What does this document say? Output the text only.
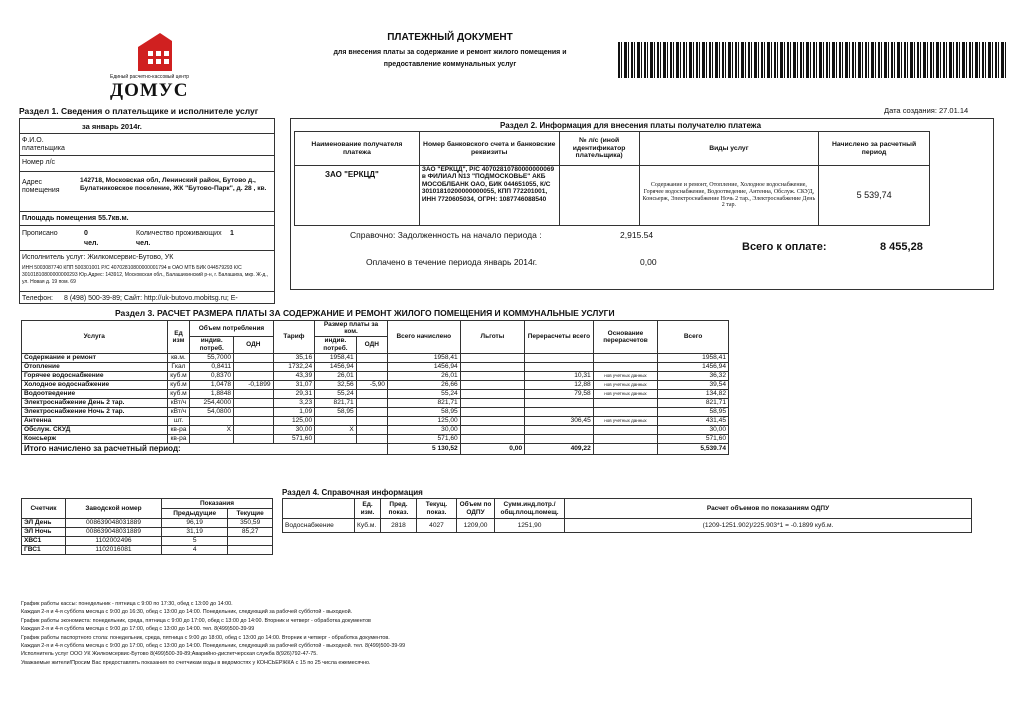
Единый расчетно-кассовый центр
ДОМУС
ПЛАТЕЖНЫЙ ДОКУМЕНТ
для внесения платы за содержание и ремонт жилого помещения и
предоставление коммунальных услуг
Дата создания: 27.01.14
Раздел 1. Сведения о плательщике и исполнителе услуг
за январь 2014г.
Ф.И.О. плательщика
Номер л/с
Адрес помещения
142718, Московская обл, Ленинский район, Бутово д., Булатниковское поселение, ЖК "Бутово-Парк", д. 28 , кв.
Площадь помещения 55.7кв.м.
Прописано	0
чел.
Количество проживающих 1
чел.
Исполнитель услуг: Жилкомсервис-Бутово, УК
ИНН 5003087740 КПП 500301001 Р/С 40702810800000001794 в ОАО МТБ БИК 044579293 К/С 30101810800000000293 Юр.Адрес: 143912, Московская обл., Балашихинский р-н, г. Балашиха, мкр. Ж-д., ул. Новая д. 19 пом. 69
Телефон: 8 (498) 500-39-89; Сайт: http://uk-butovo.mobitsg.ru; E-
Раздел 2. Информация для внесения платы получателю платежа
Наименование получателя платежа	Номер банковского счета и банковские реквизиты	№ л/с (иной идентификатор плательщика)	Виды услуг	Начислено за расчетный период
ЗАО "ЕРКЦД"	ЗАО "ЕРКЦД", Р/С 40702810780000000069 в ФИЛИАЛ N13 "ПОДМОСКОВЬЕ" АКБ МОСОБЛБАНК ОАО, БИК 044651055, К/С 30101810200000000055, КПП 772201001, ИНН 7720605034, ОГРН: 1087746088540		Содержание и ремонт, Отопление, Холодное водоснабжение, Горячее водоснабжение, Водоотведение, Антенна, Обслуж. СКУД, Консьерж, Электроснабжение Ночь 2 тар., Электроснабжение День 2 тар.	5 539,74
Справочно: Задолженность на начало периода :	2,915.54
Оплачено в течение периода январь 2014г.	0,00
Всего к оплате:	8 455,28
Раздел 3. РАСЧЕТ РАЗМЕРА ПЛАТЫ ЗА СОДЕРЖАНИЕ И РЕМОНТ ЖИЛОГО ПОМЕЩЕНИЯ И КОММУНАЛЬНЫЕ УСЛУГИ
Услуга	Ед изм	Объем потребления		Тариф	Размер платы за ком.		Всего начислено	Льготы	Перерасчеты всего	Основание перерасчетов	Всего
		индив. потреб.	ОДН		индив. потреб.	ОДН					
Содержание и ремонт	кв.м.	55,7000		35,16	1958,41		1958,41				1958,41
Отопление	Гкал	0,8411		1732,24	1456,94		1456,94				1456,94
Горячее водоснабжение	куб.м	0,8370		43,39	26,01		26,01		10,31	нов учетных данных	36,32
Холодное водоснабжение	куб.м	1,0478	-0,1899	31,07	32,56	-5,90	26,66		12,88	нов учетных данных	39,54
Водоотведение	куб.м	1,8848		29,31	55,24		55,24		79,58	нов учетных данных	134,82
Электроснабжение День 2 тар.	кВт/ч	254,4000		3,23	821,71		821,71				821,71
Электроснабжение Ночь 2 тар.	кВт/ч	54,0800		1,09	58,95		58,95				58,95
Антенна	шт.			125,00			125,00		306,45	нов учетных данных	431,45
Обслуж. СКУД	кв-ра	X		30,00	X		30,00				30,00
Консьерж	кв-ра			571,60			571,60				571,60
Итого начислено за расчетный период:							5 130,52	0,00	409,22		5,539.74
Счетчик	Заводской номер	Показания	
		Предыдущие	Текущие
ЭЛ День	008639048031889	96,19	350,59
ЭЛ Ночь	008639048031889	31,19	85,27
ХВС1	1102002496	5	
ГВС1	1102016081	4	
Раздел 4. Справочная информация
	Ед. изм.	Пред. показ.	Текущ. показ.	Объем по ОДПУ	Сумм.инд.потр./ общ.площ.помещ.	Расчет объемов по показаниям ОДПУ
Водоснабжение	Куб.м.	2818	4027	1209,00	1251,90	(1209-1251.902)/225.903*1 = -0.1899 куб.м.
График работы кассы: понедельник - пятница с 9:00 по 17:30, обед с 13:00 до 14:00.
Каждая 2-я и 4-я суббота месяца с 9:00 до 16:30, обед с 13:00 до 14:00. Понедельник, следующий за рабочей субботой - выходной.
График работы экономиста: понедельник, среда, пятница с 9:00 до 17:00, обед с 13:00 до 14:00. Вторник и четверг - обработка документов
Каждая 2-я и 4-я суббота месяца с 9:00 до 17:00, обед с 13:00 до 14:00. тел. 8(499)500-39-99
График работы паспортного стола: понедельник, среда, пятница с 9:00 до 18:00, обед с 13:00 до 14:00. Вторник и четверг - обработка документов.
Каждая 2-я и 4-я суббота месяца с 9:00 до 17:00, обед с 13:00 до 14:00. Понедельник, следующий за рабочей субботой - выходной. тел. 8(499)500-39-99
Исполнитель услуг ООО УК Жилкомсервис-Бутово 8(499)500-39-89;Аварийно-диспетчерская служба 8(926)792-47-75.
Уважаемые жители!Просим Вас предоставлять показания по счетчикам воды в ведомостях у КОНСЬЕРЖКА с 15 по 25 числа ежемесячно.
